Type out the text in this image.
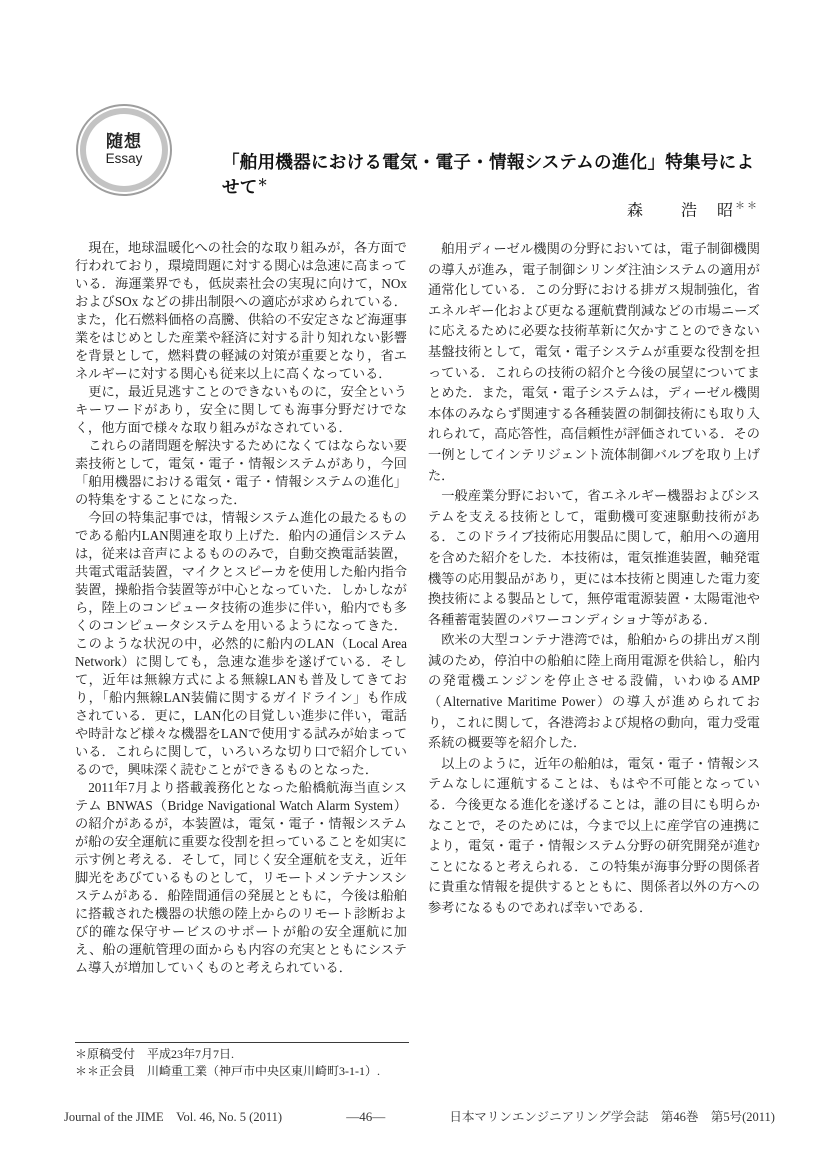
随想
Essay	「舶用機器における電気・電子・情報システムの進化」特集号によせて＊
森　　浩　昭＊＊

現在，地球温暖化への社会的な取り組みが，各方面で行われており，環境問題に対する関心は急速に高まっている．海運業界でも，低炭素社会の実現に向けて，NOx およびSOx などの排出制限への適応が求められている．また，化石燃料価格の高騰、供給の不安定さなど海運事業をはじめとした産業や経済に対する計り知れない影響を背景として，燃料費の軽減の対策が重要となり，省エネルギーに対する関心も従来以上に高くなっている．

更に，最近見逃すことのできないものに，安全というキーワードがあり，安全に関しても海事分野だけでなく，他方面で様々な取り組みがなされている．

これらの諸問題を解決するためになくてはならない要素技術として，電気・電子・情報システムがあり，今回「舶用機器における電気・電子・情報システムの進化」の特集をすることになった．

今回の特集記事では，情報システム進化の最たるものである船内LAN関連を取り上げた．船内の通信システムは，従来は音声によるもののみで，自動交換電話装置，共電式電話装置，マイクとスピーカを使用した船内指令装置，操船指令装置等が中心となっていた．しかしながら，陸上のコンピュータ技術の進歩に伴い，船内でも多くのコンピュータシステムを用いるようになってきた．このような状況の中，必然的に船内のLAN（Local Area Network）に関しても，急速な進歩を遂げている．そして，近年は無線方式による無線LANも普及してきており，「船内無線LAN装備に関するガイドライン」も作成されている．更に，LAN化の目覚しい進歩に伴い，電話や時計など様々な機器をLANで使用する試みが始まっている．これらに関して，いろいろな切り口で紹介しているので，興味深く読むことができるものとなった．

2011年7月より搭載義務化となった船橋航海当直システム BNWAS（Bridge Navigational Watch Alarm System）の紹介があるが，本装置は，電気・電子・情報システムが船の安全運航に重要な役割を担っていることを如実に示す例と考える．そして，同じく安全運航を支え，近年脚光をあびているものとして，リモートメンテナンスシステムがある．船陸間通信の発展とともに，今後は船舶に搭載された機器の状態の陸上からのリモート診断および的確な保守サービスのサポートが船の安全運航に加え、船の運航管理の面からも内容の充実とともにシステム導入が増加していくものと考えられている．

舶用ディーゼル機関の分野においては，電子制御機関の導入が進み，電子制御シリンダ注油システムの適用が通常化している．この分野における排ガス規制強化，省エネルギー化および更なる運航費削減などの市場ニーズに応えるために必要な技術革新に欠かすことのできない基盤技術として，電気・電子システムが重要な役割を担っている．これらの技術の紹介と今後の展望についてまとめた．また，電気・電子システムは，ディーゼル機関本体のみならず関連する各種装置の制御技術にも取り入れられて，高応答性，高信頼性が評価されている．その一例としてインテリジェント流体制御バルブを取り上げた．

一般産業分野において，省エネルギー機器およびシステムを支える技術として，電動機可変速駆動技術がある．このドライブ技術応用製品に関して，舶用への適用を含めた紹介をした．本技術は，電気推進装置，軸発電機等の応用製品があり，更には本技術と関連した電力変換技術による製品として，無停電電源装置・太陽電池や各種蓄電装置のパワーコンディショナ等がある．

欧米の大型コンテナ港湾では，船舶からの排出ガス削減のため，停泊中の船舶に陸上商用電源を供給し，船内の発電機エンジンを停止させる設備，いわゆるAMP（Alternative Maritime Power）の導入が進められており，これに関して，各港湾および規格の動向，電力受電系統の概要等を紹介した．

以上のように，近年の船舶は，電気・電子・情報システムなしに運航することは、もはや不可能となっている．今後更なる進化を遂げることは，誰の目にも明らかなことで，そのためには，今まで以上に産学官の連携により，電気・電子・情報システム分野の研究開発が進むことになると考えられる．この特集が海事分野の関係者に貴重な情報を提供するとともに、関係者以外の方への参考になるものであれば幸いである．

＊原稿受付　平成23年7月7日.
＊＊正会員　川崎重工業（神戸市中央区東川崎町3-1-1）.
Journal of the JIME　Vol. 46, No. 5 (2011)	―46―	日本マリンエンジニアリング学会誌　第46巻　第5号(2011)
